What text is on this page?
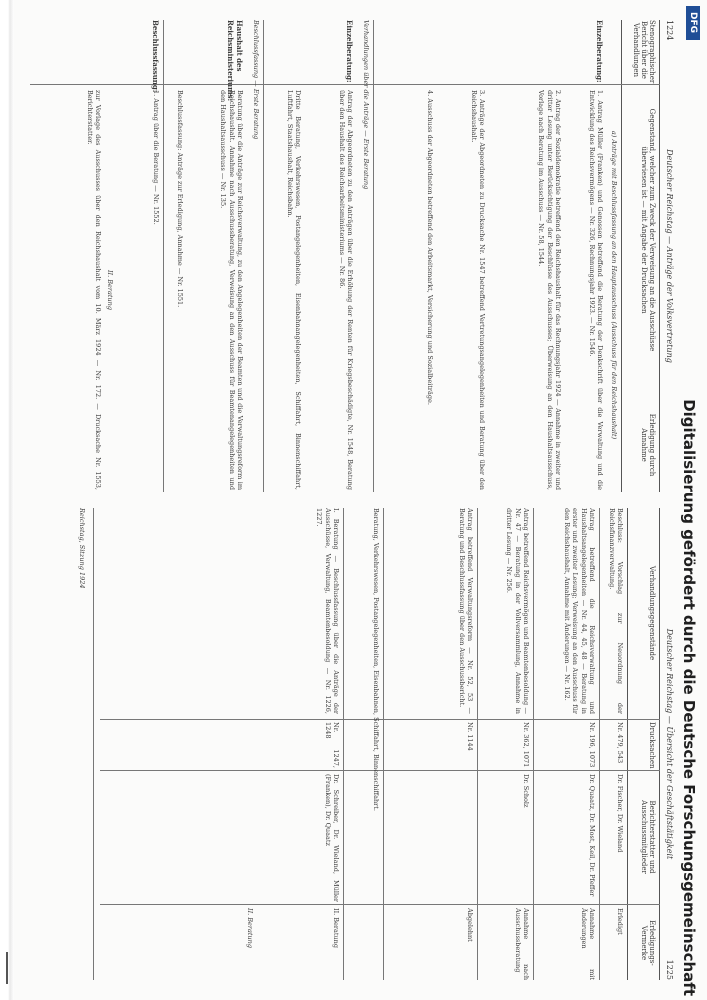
1224
Deutscher Reichstag — Anträge der Volksvertretung
Stenographischer Bericht über die Verhandlungen
Gegenstand, welcher zum Zweck der Verweisung an die Ausschüsse überwiesen ist — mit Angabe der Drucksachen
Erledigung durch Annahme
a) Anträge mit Beschlussfassung an den Hauptausschuss (Ausschuss für den Reichshaushalt)
Einzelberatung:
1. Antrag Müller (Franken) und Genossen betreffend die Beratung der Denkschrift über die Verwaltung und die Entwicklung des Reichsvermögens — Nr. 326, Rechnungsjahr 1923. — Nr. 1546.
2. Antrag der Sozialdemokratie betreffend den Reichshaushalt für das Rechnungsjahr 1924 — Annahme in zweiter und dritter Lesung unter Berücksichtigung der Beschlüsse des Ausschusses; Überweisung an den Haushaltsausschuss, Vorlage nach Beratung im Ausschuss — Nr. 58, 1544.
3. Anträge der Abgeordneten zu Drucksache Nr. 1547 betreffend Vertretungsangelegenheiten und Beratung über den Reichshaushalt.
4. Ausschuss der Abgeordneten betreffend den Arbeitsmarkt, Versicherung und Sozialbeiträge.
Verhandlungen über die Anträge — Erste Beratung
Einzelberatung:
Antrag der Abgeordneten zu den Anträgen über die Erhöhung der Renten für Kriegsbeschädigte, Nr. 1548, Beratung über den Haushalt des Reichsarbeitsministeriums — Nr. 86.
Dritte Beratung, Verkehrswesen, Postangelegenheiten, Eisenbahnangelegenheiten, Schiffahrt, Binnenschiffahrt, Luftfahrt, Staatshaushalt, Reichsbahn.
Beschlussfassung — Erste Beratung
Haushalt des Reichsministeriums:
Beratung über die Anträge zur Reichsverwaltung, zu den Angelegenheiten der Beamten und die Verwaltungsreform im Reichshaushalt. Annahme nach Ausschussberatung, Verweisung an den Ausschuss für Beamtenangelegenheiten und den Haushaltsausschuss — Nr. 135.
Beschlussfassung: Anträge zur Erledigung, Annahme — Nr. 1551.
Beschlussfassung:
1. Antrag über die Beratung — Nr. 1552.
II. Beratung
zur Vorlage des Ausschusses über den Reichshaushalt vom 10. März 1924 — Nr. 172. — Drucksache Nr. 1553, Berichterstatter.
Deutscher Reichstag — Übersicht der Geschäftstätigkeit
1225
Verhandlungsgegenstände
Drucksachen
Berichterstatter und Ausschussmitglieder
Erledigungs-Vermerke
Beschluss: Vorschlag zur Neuordnung der Reichsfinanzverwaltung.
Nr. 479, 543
Dr. Fischer, Dr. Wieland
Erledigt
Antrag betreffend die Reichsverwaltung und Haushaltsangelegenheiten — Nr. 44, 45, 48 — Beratung in erster und zweiter Lesung; Verweisung an den Ausschuss für den Reichshaushalt, Annahme mit Änderungen — Nr. 162.
Nr. 196, 1073
Dr. Quaatz, Dr. Most, Keil, Dr. Pfeffer
Annahme mit Änderungen
Antrag betreffend Reichsvermögen und Beamtenbesoldung — Nr. 47 — Beratung in der Vollversammlung, Annahme in dritter Lesung — Nr. 256.
Nr. 362, 1071
Dr. Scholz
Annahme nach Ausschussberatung
Antrag betreffend Verwaltungsreform — Nr. 52, 53 — Beratung und Beschlussfassung über den Ausschussbericht.
Nr. 1144
Abgelehnt
Beratung, Verkehrswesen, Postangelegenheiten, Eisenbahnen, Schiffahrt, Binnenschiffahrt.
I. Beratung — Beschlussfassung über die Anträge der Ausschüsse, Verwaltung, Beamtenbesoldung — Nr. 1226, 1227.
Nr. 1247, 1248
Dr. Schreiber, Dr. Wieland, Müller (Franken), Dr. Quaatz
II. Beratung
II. Beratung
Reichstag, Sitzung 1924	Digitalisierung gefördert durch die Deutsche Forschungsgemeinschaft
DFG
